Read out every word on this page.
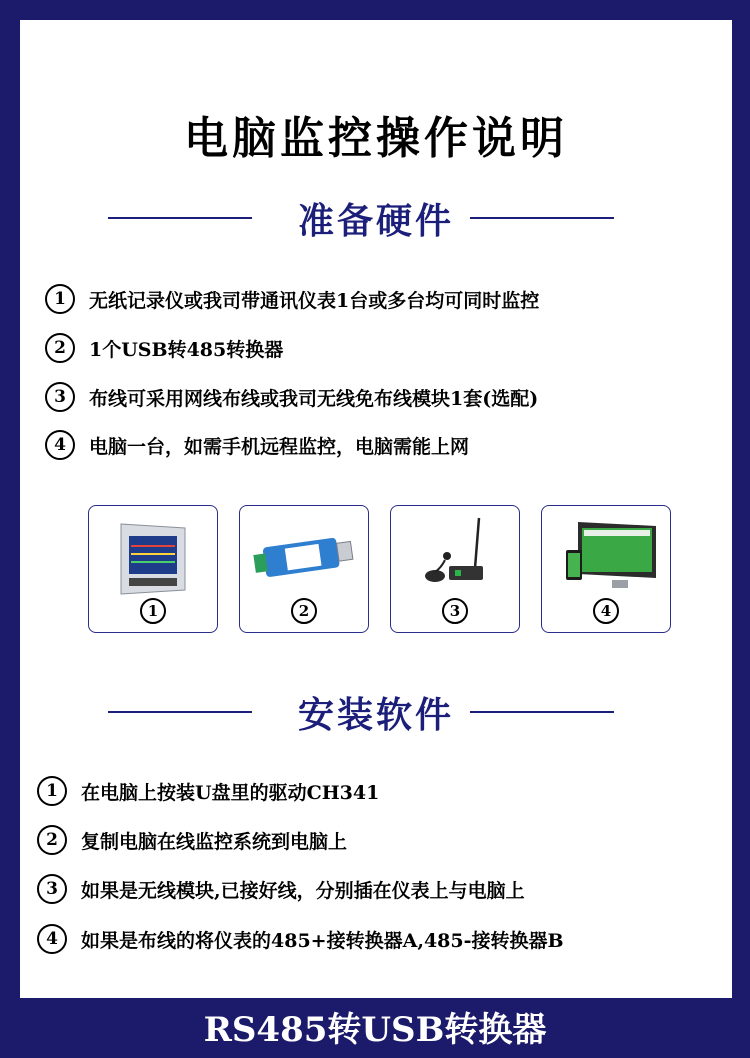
电脑监控操作说明
准备硬件
1	无纸记录仪或我司带通讯仪表1台或多台均可同时监控
2	1个USB转485转换器
3	布线可采用网线布线或我司无线免布线模块1套(选配)
4	电脑一台，如需手机远程监控，电脑需能上网
1	2	3	4
安装软件
1	在电脑上按装U盘里的驱动CH341
2	复制电脑在线监控系统到电脑上
3	如果是无线模块,已接好线，分别插在仪表上与电脑上
4	如果是布线的将仪表的485+接转换器A,485-接转换器B
RS485转USB转换器
